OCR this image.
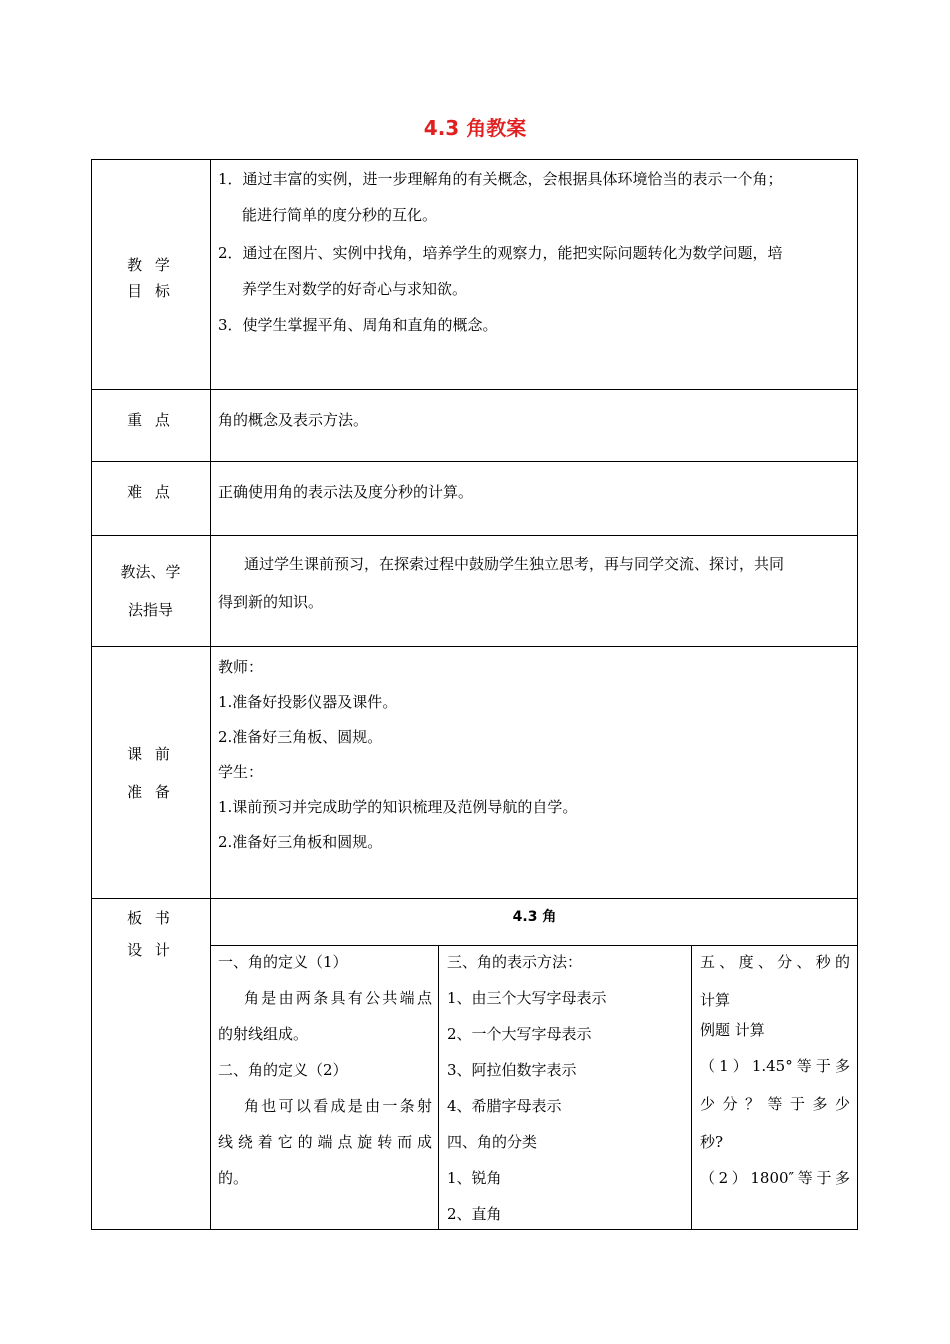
4.3 角教案
教 学
目 标
1．通过丰富的实例，进一步理解角的有关概念，会根据具体环境恰当的表示一个角；
能进行简单的度分秒的互化。
2．通过在图片、实例中找角，培养学生的观察力，能把实际问题转化为数学问题，培
养学生对数学的好奇心与求知欲。
3．使学生掌握平角、周角和直角的概念。
重 点	角的概念及表示方法。
难 点	正确使用角的表示法及度分秒的计算。
教法、学
法指导
通过学生课前预习，在探索过程中鼓励学生独立思考，再与同学交流、探讨，共同
得到新的知识。
课 前
准 备
教师：
1.准备好投影仪器及课件。
2.准备好三角板、圆规。
学生：
1.课前预习并完成助学的知识梳理及范例导航的自学。
2.准备好三角板和圆规。
板 书
设 计
4.3 角
一、角的定义（1）
角是由两条具有公共端点
的射线组成。
二、角的定义（2）
角也可以看成是由一条射
线绕着它的端点旋转而成
的。
三、角的表示方法：
1、由三个大写字母表示
2、一个大写字母表示
3、阿拉伯数字表示
4、希腊字母表示
四、角的分类
1、锐角
2、直角
五、度、分、秒的
计算
例题 计算
（1）1.45°等于多
少分？等于多少
秒?
（2）1800″等于多
